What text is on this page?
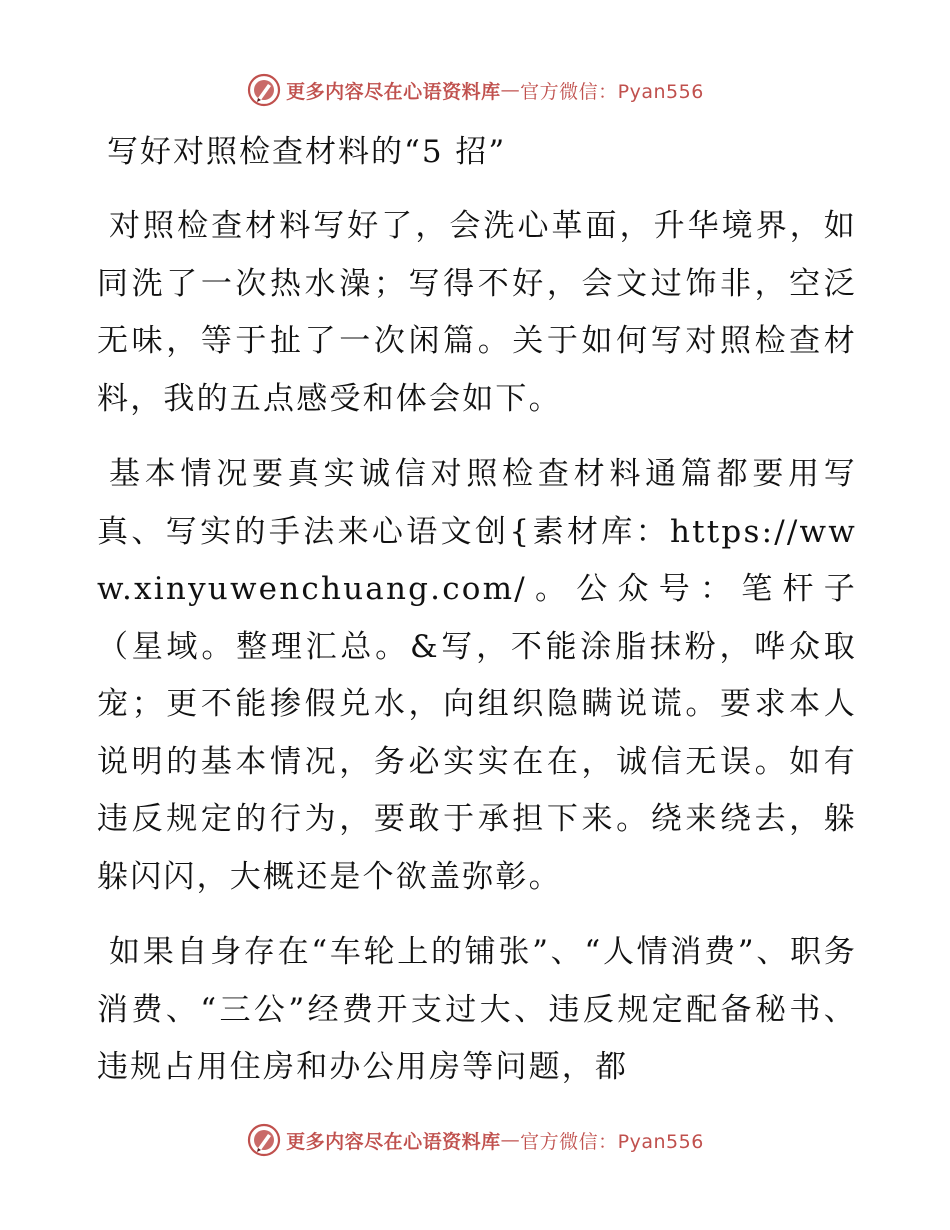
更多内容尽在心语资料库 — 官方微信：Pyan556
写好对照检查材料的“5 招”

对照检查材料写好了，会洗心革面，升华境界，如同洗了一次热水澡；写得不好，会文过饰非，空泛无味，等于扯了一次闲篇。关于如何写对照检查材料，我的五点感受和体会如下。

基本情况要真实诚信对照检查材料通篇都要用写真、写实的手法来心语文创{素材库：https://www.xinyuwenchuang.com/。公众号：笔杆子（星域。整理汇总。&写，不能涂脂抹粉，哗众取宠；更不能掺假兑水，向组织隐瞒说谎。要求本人说明的基本情况，务必实实在在，诚信无误。如有违反规定的行为，要敢于承担下来。绕来绕去，躲躲闪闪，大概还是个欲盖弥彰。

如果自身存在“车轮上的铺张”、“人情消费”、职务消费、“三公”经费开支过大、违反规定配备秘书、违规占用住房和办公用房等问题，都

更多内容尽在心语资料库 — 官方微信：Pyan556
